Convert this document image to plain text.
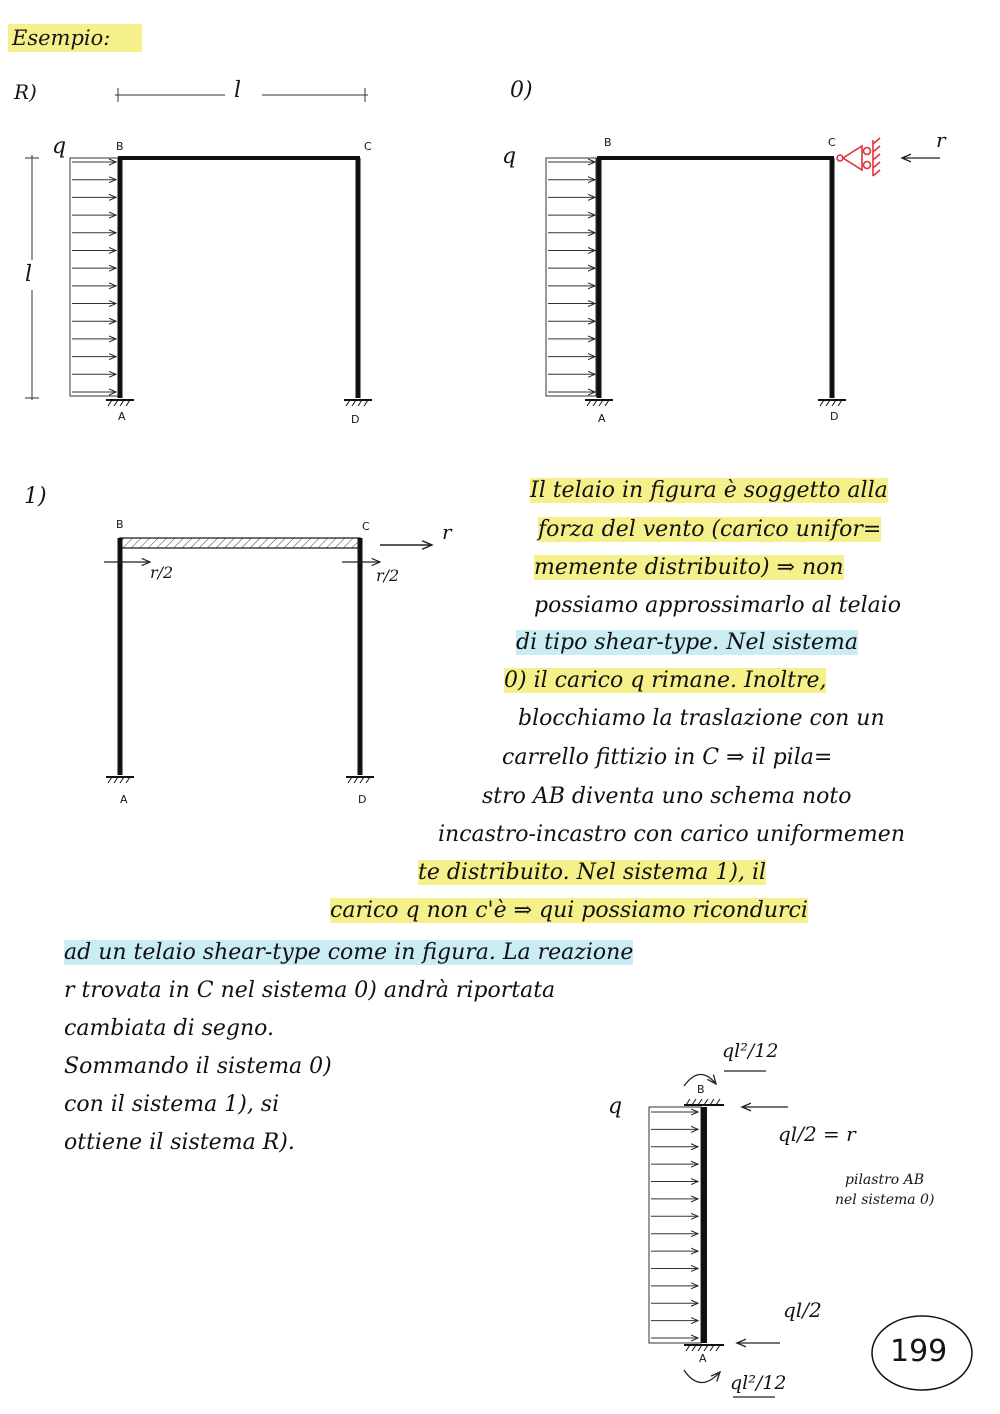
Esempio:
R)	0)
1)
l
l
q	B	C
A	D
q
B	C
A	D
r
B	C
A	D
r
r/2	r/2
Il telaio in figura è soggetto alla
forza del vento (carico unifor=
memente distribuito) ⇒ non
possiamo approssimarlo al telaio
di tipo shear-type. Nel sistema
0) il carico q rimane. Inoltre,
blocchiamo la traslazione con un
carrello fittizio in C ⇒ il pila=
stro AB diventa uno schema noto
incastro-incastro con carico uniformemen
te distribuito. Nel sistema 1), il
carico q non c'è ⇒ qui possiamo ricondurci
ad un telaio shear-type come in figura. La reazione
r trovata in C nel sistema 0) andrà riportata
cambiata di segno.
Sommando il sistema 0)
con il sistema 1), si
ottiene il sistema R).
q
ql²/12
B
ql/2 = r
pilastro AB
nel sistema 0)
ql/2
A
ql²/12
199
